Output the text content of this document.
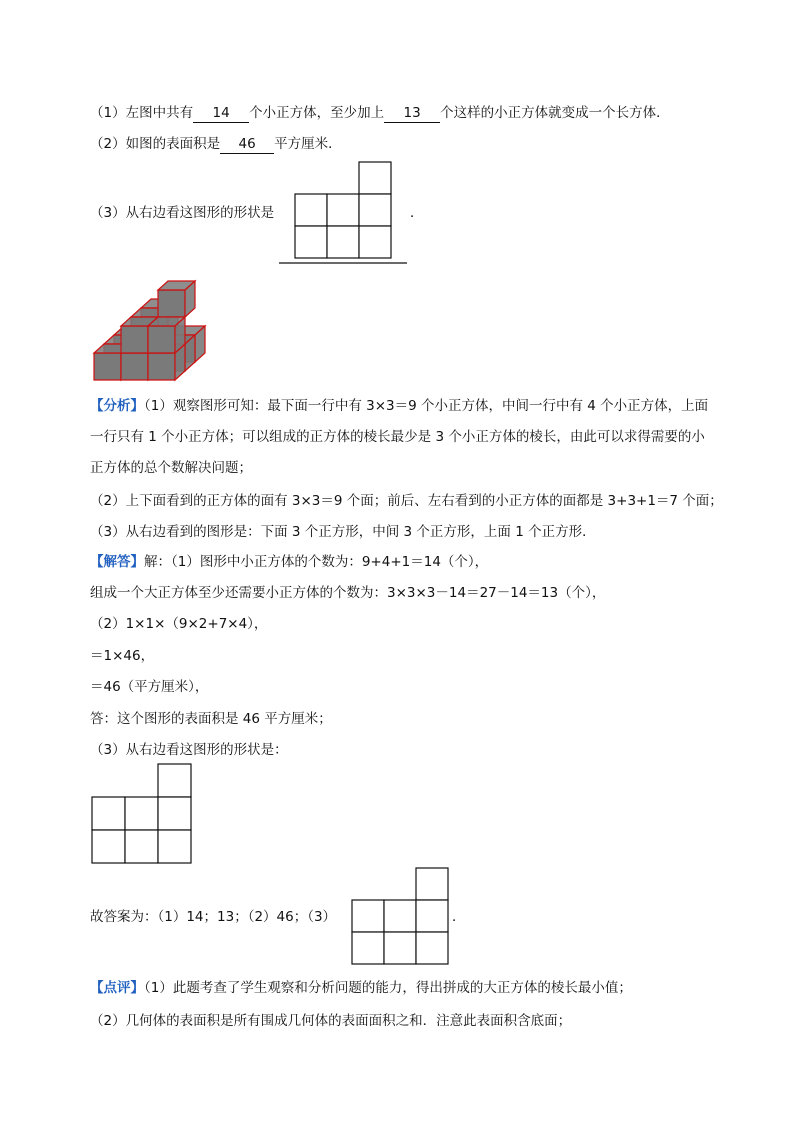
（1）左图中共有 14 个小正方体，至少加上 13 个这样的小正方体就变成一个长方体．
（2）如图的表面积是 46 平方厘米．
（3）从右边看这图形的形状是	．
【分析】（1）观察图形可知：最下面一行中有 3×3＝9 个小正方体，中间一行中有 4 个小正方体，上面
一行只有 1 个小正方体；可以组成的正方体的棱长最少是 3 个小正方体的棱长，由此可以求得需要的小
正方体的总个数解决问题；
（2）上下面看到的正方体的面有 3×3＝9 个面；前后、左右看到的小正方体的面都是 3+3+1＝7 个面；
（3）从右边看到的图形是：下面 3 个正方形，中间 3 个正方形，上面 1 个正方形．
【解答】解：（1）图形中小正方体的个数为：9+4+1＝14（个），
组成一个大正方体至少还需要小正方体的个数为：3×3×3－14＝27－14＝13（个），
（2）1×1×（9×2+7×4），
＝1×46，
＝46（平方厘米），
答：这个图形的表面积是 46 平方厘米；
（3）从右边看这图形的形状是：
故答案为：（1）14；13；（2）46；（3）	．
【点评】（1）此题考查了学生观察和分析问题的能力，得出拼成的大正方体的棱长最小值；
（2）几何体的表面积是所有围成几何体的表面面积之和．注意此表面积含底面；
